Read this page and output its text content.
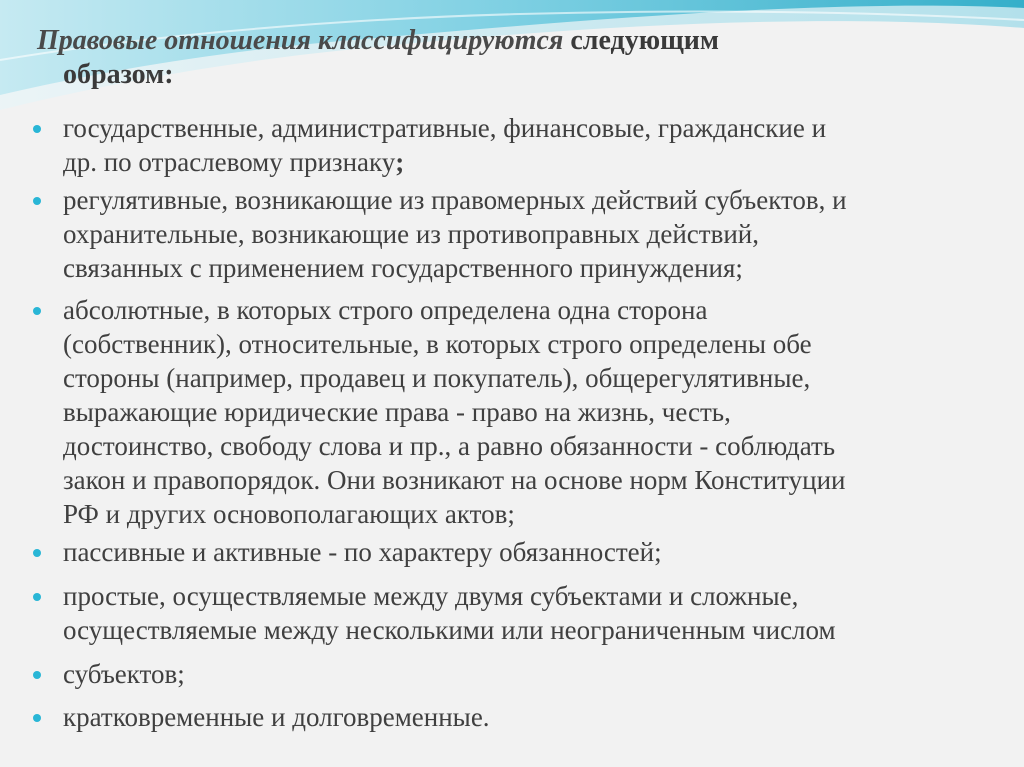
Правовые отношения классифицируются следующим
образом:
государственные, административные, финансовые, гражданские и
др. по отраслевому признаку;
регулятивные, возникающие из правомерных действий субъектов, и
охранительные, возникающие из противоправных действий,
связанных с применением государственного принуждения;
абсолютные, в которых строго определена одна сторона
(собственник), относительные, в которых строго определены обе
стороны (например, продавец и покупатель), общерегулятивные,
выражающие юридические права - право на жизнь, честь,
достоинство, свободу слова и пр., а равно обязанности - соблюдать
закон и правопорядок. Они возникают на основе норм Конституции
РФ и других основополагающих актов;
пассивные и активные - по характеру обязанностей;
простые, осуществляемые между двумя субъектами и сложные,
осуществляемые между несколькими или неограниченным числом
субъектов;
кратковременные и долговременные.
